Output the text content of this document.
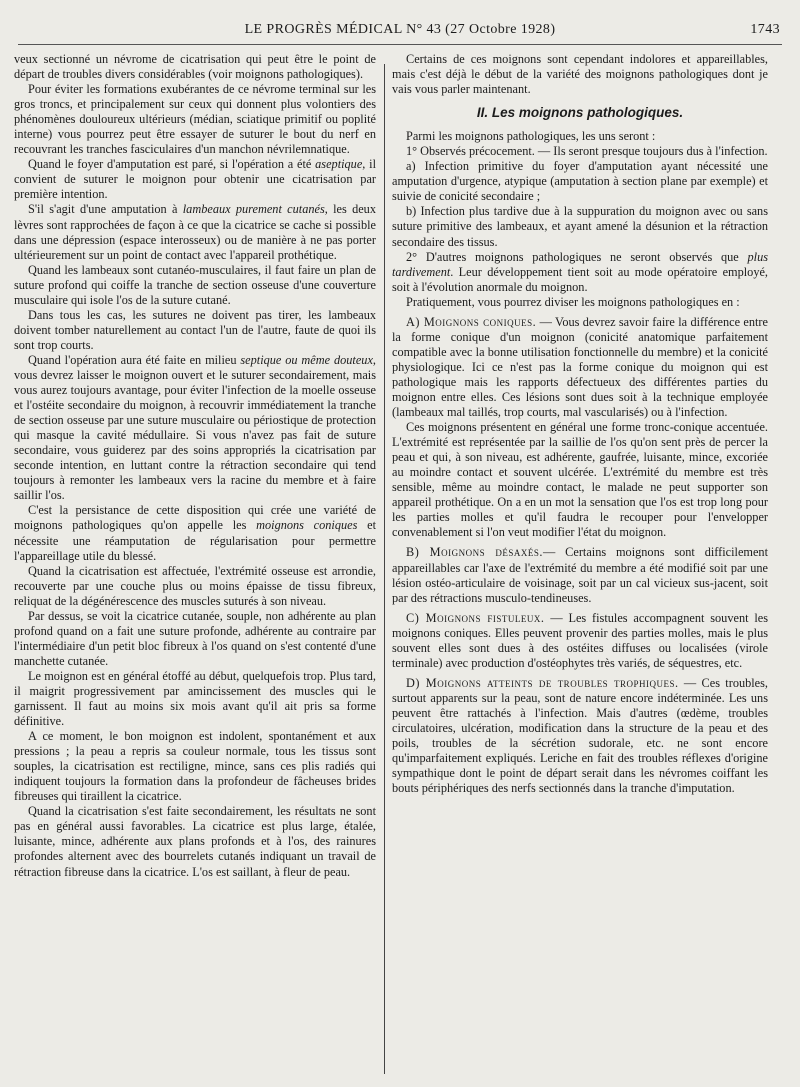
LE PROGRÈS MÉDICAL N° 43 (27 Octobre 1928)	1743

veux sectionné un névrome de cicatrisation qui peut être le point de départ de troubles divers considérables (voir moignons pathologiques).

Pour éviter les formations exubérantes de ce névrome terminal sur les gros troncs, et principalement sur ceux qui donnent plus volontiers des phénomènes douloureux ultérieurs (médian, sciatique primitif ou poplité interne) vous pourrez peut être essayer de suturer le bout du nerf en recouvrant les tranches fasciculaires d'un manchon névrilemnatique.

Quand le foyer d'amputation est paré, si l'opération a été aseptique, il convient de suturer le moignon pour obtenir une cicatrisation par première intention.

S'il s'agit d'une amputation à lambeaux purement cutanés, les deux lèvres sont rapprochées de façon à ce que la cicatrice se cache si possible dans une dépression (espace interosseux) ou de manière à ne pas porter ultérieurement sur un point de contact avec l'appareil prothétique.

Quand les lambeaux sont cutanéo-musculaires, il faut faire un plan de suture profond qui coiffe la tranche de section osseuse d'une couverture musculaire qui isole l'os de la suture cutané.

Dans tous les cas, les sutures ne doivent pas tirer, les lambeaux doivent tomber naturellement au contact l'un de l'autre, faute de quoi ils sont trop courts.

Quand l'opération aura été faite en milieu septique ou même douteux, vous devrez laisser le moignon ouvert et le suturer secondairement, mais vous aurez toujours avantage, pour éviter l'infection de la moelle osseuse et l'ostéite secondaire du moignon, à recouvrir immédiatement la tranche de section osseuse par une suture musculaire ou périostique de protection qui masque la cavité médullaire. Si vous n'avez pas fait de suture secondaire, vous guiderez par des soins appropriés la cicatrisation par seconde intention, en luttant contre la rétraction secondaire qui tend toujours à remonter les lambeaux vers la racine du membre et à faire saillir l'os.

C'est la persistance de cette disposition qui crée une variété de moignons pathologiques qu'on appelle les moignons coniques et nécessite une réamputation de régularisation pour permettre l'appareillage utile du blessé.

Quand la cicatrisation est affectuée, l'extrémité osseuse est arrondie, recouverte par une couche plus ou moins épaisse de tissu fibreux, reliquat de la dégénérescence des muscles suturés à son niveau.

Par dessus, se voit la cicatrice cutanée, souple, non adhérente au plan profond quand on a fait une suture profonde, adhérente au contraire par l'intermédiaire d'un petit bloc fibreux à l'os quand on s'est contenté d'une manchette cutanée.

Le moignon est en général étoffé au début, quelquefois trop. Plus tard, il maigrit progressivement par amincissement des muscles qui le garnissent. Il faut au moins six mois avant qu'il ait pris sa forme définitive.

A ce moment, le bon moignon est indolent, spontanément et aux pressions ; la peau a repris sa couleur normale, tous les tissus sont souples, la cicatrisation est rectiligne, mince, sans ces plis radiés qui indiquent toujours la formation dans la profondeur de fâcheuses brides fibreuses qui tiraillent la cicatrice.

Quand la cicatrisation s'est faite secondairement, les résultats ne sont pas en général aussi favorables. La cicatrice est plus large, étalée, luisante, mince, adhérente aux plans profonds et à l'os, des rainures profondes alternent avec des bourrelets cutanés indiquant un travail de rétraction fibreuse dans la cicatrice. L'os est saillant, à fleur de peau.

Certains de ces moignons sont cependant indolores et appareillables, mais c'est déjà le début de la variété des moignons pathologiques dont je vais vous parler maintenant.

II. Les moignons pathologiques.

Parmi les moignons pathologiques, les uns seront :

1° Observés précocement. — Ils seront presque toujours dus à l'infection.

a) Infection primitive du foyer d'amputation ayant nécessité une amputation d'urgence, atypique (amputation à section plane par exemple) et suivie de conicité secondaire ;

b) Infection plus tardive due à la suppuration du moignon avec ou sans suture primitive des lambeaux, et ayant amené la désunion et la rétraction secondaire des tissus.

2° D'autres moignons pathologiques ne seront observés que plus tardivement. Leur développement tient soit au mode opératoire employé, soit à l'évolution anormale du moignon.

Pratiquement, vous pourrez diviser les moignons pathologiques en :

A) Moignons coniques. — Vous devrez savoir faire la différence entre la forme conique d'un moignon (conicité anatomique parfaitement compatible avec la bonne utilisation fonctionnelle du membre) et la conicité physiologique. Ici ce n'est pas la forme conique du moignon qui est pathologique mais les rapports défectueux des différentes parties du moignon entre elles. Ces lésions sont dues soit à la technique employée (lambeaux mal taillés, trop courts, mal vascularisés) ou à l'infection.

Ces moignons présentent en général une forme tronc-conique accentuée. L'extrémité est représentée par la saillie de l'os qu'on sent près de percer la peau et qui, à son niveau, est adhérente, gaufrée, luisante, mince, excoriée au moindre contact et souvent ulcérée. L'extrémité du membre est très sensible, même au moindre contact, le malade ne peut supporter son appareil prothétique. On a en un mot la sensation que l'os est trop long pour les parties molles et qu'il faudra le recouper pour l'envelopper convenablement si l'on veut modifier l'état du moignon.

B) Moignons désaxés.— Certains moignons sont difficilement appareillables car l'axe de l'extrémité du membre a été modifié soit par une lésion ostéo-articulaire de voisinage, soit par un cal vicieux sus-jacent, soit par des rétractions musculo-tendineuses.

C) Moignons fistuleux. — Les fistules accompagnent souvent les moignons coniques. Elles peuvent provenir des parties molles, mais le plus souvent elles sont dues à des ostéites diffuses ou localisées (virole terminale) avec production d'ostéophytes très variés, de séquestres, etc.

D) Moignons atteints de troubles trophiques. — Ces troubles, surtout apparents sur la peau, sont de nature encore indéterminée. Les uns peuvent être rattachés à l'infection. Mais d'autres (œdème, troubles circulatoires, ulcération, modification dans la structure de la peau et des poils, troubles de la sécrétion sudorale, etc. ne sont encore qu'imparfaitement expliqués. Leriche en fait des troubles réflexes d'origine sympathique dont le point de départ serait dans les névromes coiffant les bouts périphériques des nerfs sectionnés dans la tranche d'imputation.
